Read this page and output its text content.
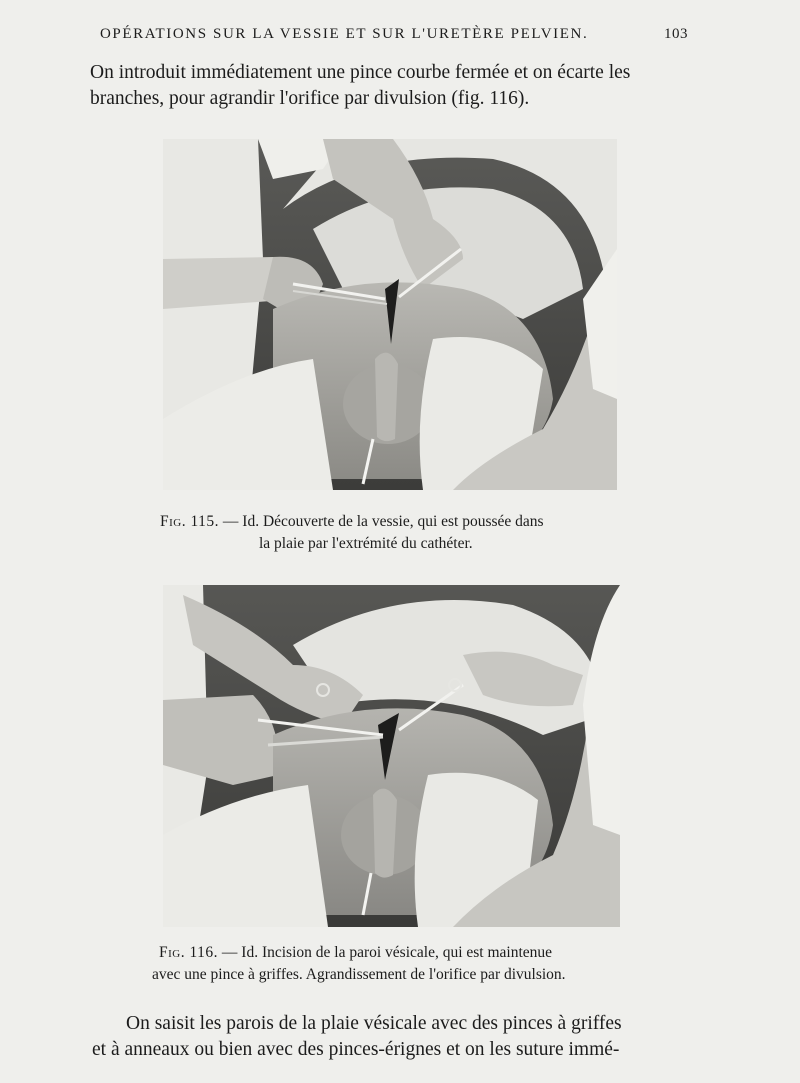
OPÉRATIONS SUR LA VESSIE ET SUR L'URETÈRE PELVIEN.	103
On introduit immédiatement une pince courbe fermée et on écarte les
branches, pour agrandir l'orifice par divulsion (fig. 116).
Fig. 115. — Id. Découverte de la vessie, qui est poussée dans
la plaie par l'extrémité du cathéter.
Fig. 116. — Id. Incision de la paroi vésicale, qui est maintenue
avec une pince à griffes. Agrandissement de l'orifice par divulsion.
On saisit les parois de la plaie vésicale avec des pinces à griffes
et à anneaux ou bien avec des pinces-érignes et on les suture immé-
